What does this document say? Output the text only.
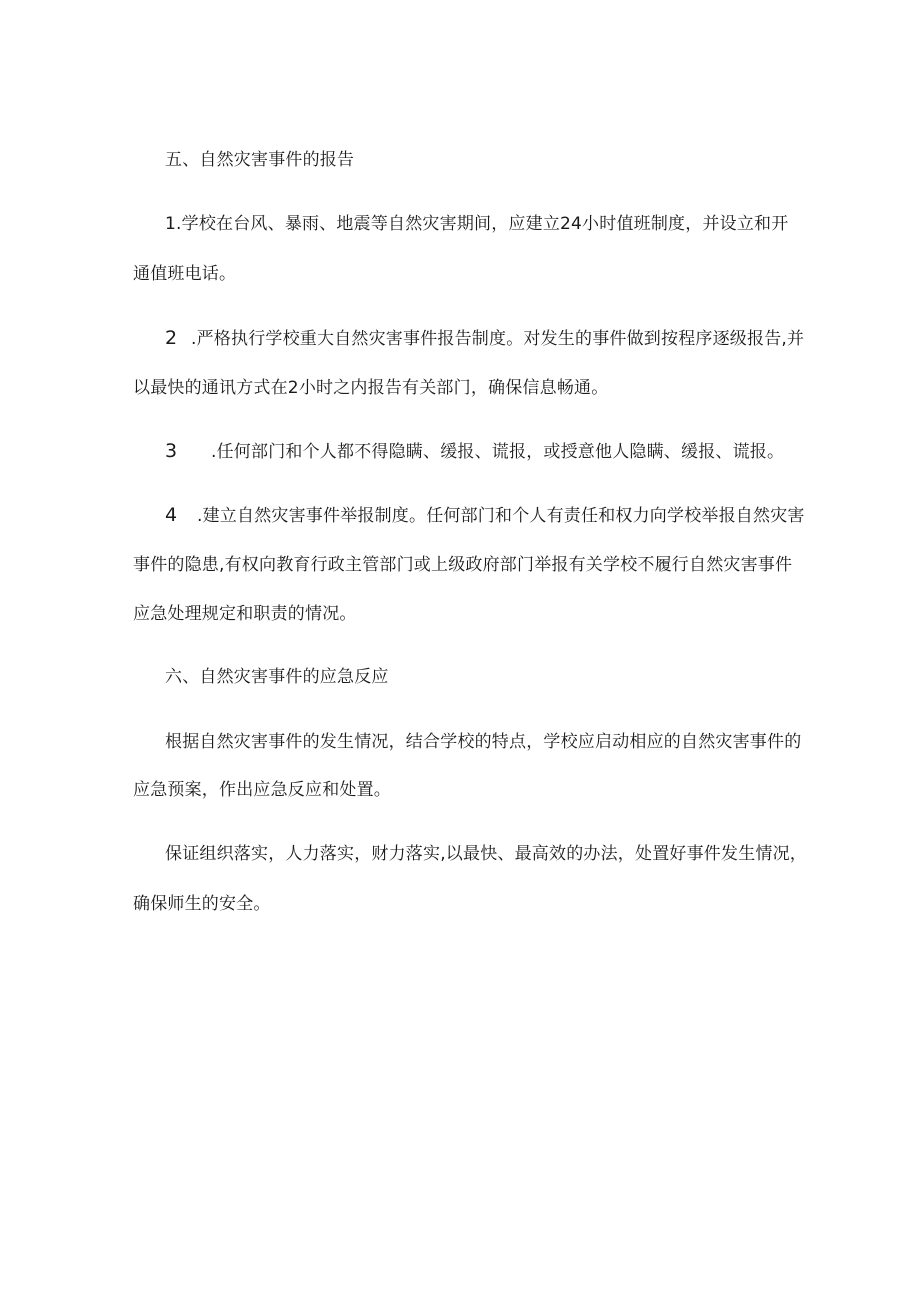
五、自然灾害事件的报告
1.学校在台风、暴雨、地震等自然灾害期间，应建立24小时值班制度，并设立和开
通值班电话。
2 .严格执行学校重大自然灾害事件报告制度。对发生的事件做到按程序逐级报告,并
以最快的通讯方式在2小时之内报告有关部门，确保信息畅通。
3 .任何部门和个人都不得隐瞒、缓报、谎报，或授意他人隐瞒、缓报、谎报。
4 .建立自然灾害事件举报制度。任何部门和个人有责任和权力向学校举报自然灾害
事件的隐患,有权向教育行政主管部门或上级政府部门举报有关学校不履行自然灾害事件
应急处理规定和职责的情况。
六、自然灾害事件的应急反应
根据自然灾害事件的发生情况，结合学校的特点，学校应启动相应的自然灾害事件的
应急预案，作出应急反应和处置。
保证组织落实，人力落实，财力落实,以最快、最高效的办法，处置好事件发生情况，
确保师生的安全。
